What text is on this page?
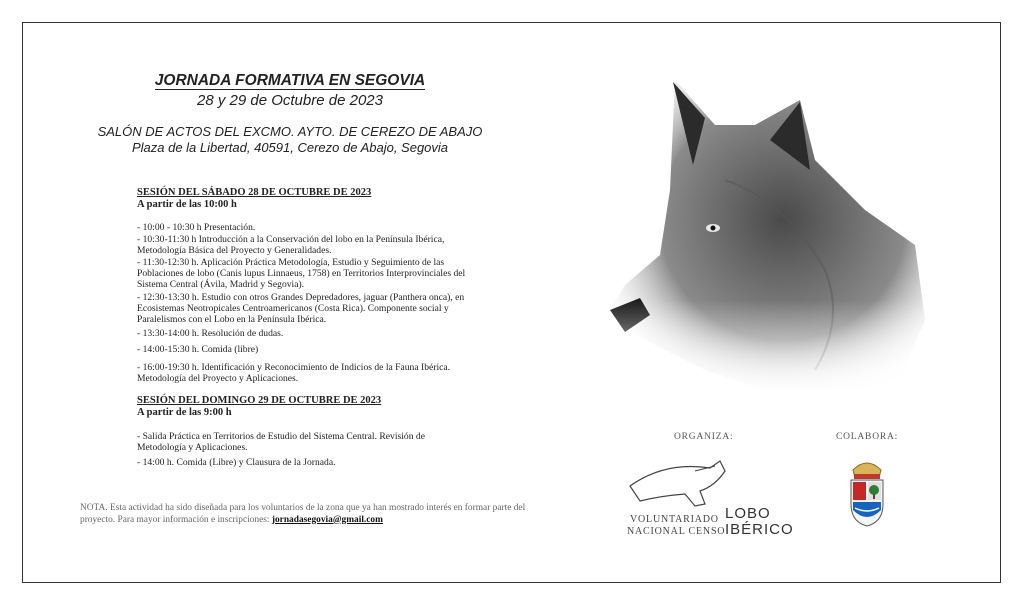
JORNADA FORMATIVA EN SEGOVIA
28 y 29 de Octubre de 2023
SALÓN DE ACTOS DEL EXCMO. AYTO. DE CEREZO DE ABAJO
Plaza de la Libertad, 40591, Cerezo de Abajo, Segovia
SESIÓN DEL SÁBADO 28 DE OCTUBRE DE 2023
A partir de las 10:00 h
- 10:00 - 10:30 h Presentación.
- 10:30-11:30 h Introducción a la Conservación del lobo en la Península Ibérica, Metodología Básica del Proyecto y Generalidades.
- 11:30-12:30 h. Aplicación Práctica Metodología, Estudio y Seguimiento de las Poblaciones de lobo (Canis lupus Linnaeus, 1758) en Territorios Interprovinciales del Sistema Central (Ávila, Madrid y Segovia).
- 12:30-13:30 h. Estudio con otros Grandes Depredadores, jaguar (Panthera onca), en Ecosistemas Neotropicales Centroamericanos (Costa Rica). Componente social y Paralelismos con el Lobo en la Península Ibérica.
- 13:30-14:00 h. Resolución de dudas.
- 14:00-15:30 h. Comida (libre)
- 16:00-19:30 h. Identificación y Reconocimiento de Indicios de la Fauna Ibérica. Metodología del Proyecto y Aplicaciones.
SESIÓN DEL DOMINGO 29 DE OCTUBRE DE 2023
A partir de las 9:00 h
- Salida Práctica en Territorios de Estudio del Sistema Central. Revisión de Metodología y Aplicaciones.
- 14:00 h. Comida (Libre) y Clausura de la Jornada.
NOTA. Esta actividad ha sido diseñada para los voluntarios de la zona que ya han mostrado interés en formar parte del proyecto. Para mayor información e inscripciones: jornadasegovia@gmail.com
ORGANIZA:	COLABORA:
VOLUNTARIADO
NACIONAL CENSO
LOBO
IBÉRICO
